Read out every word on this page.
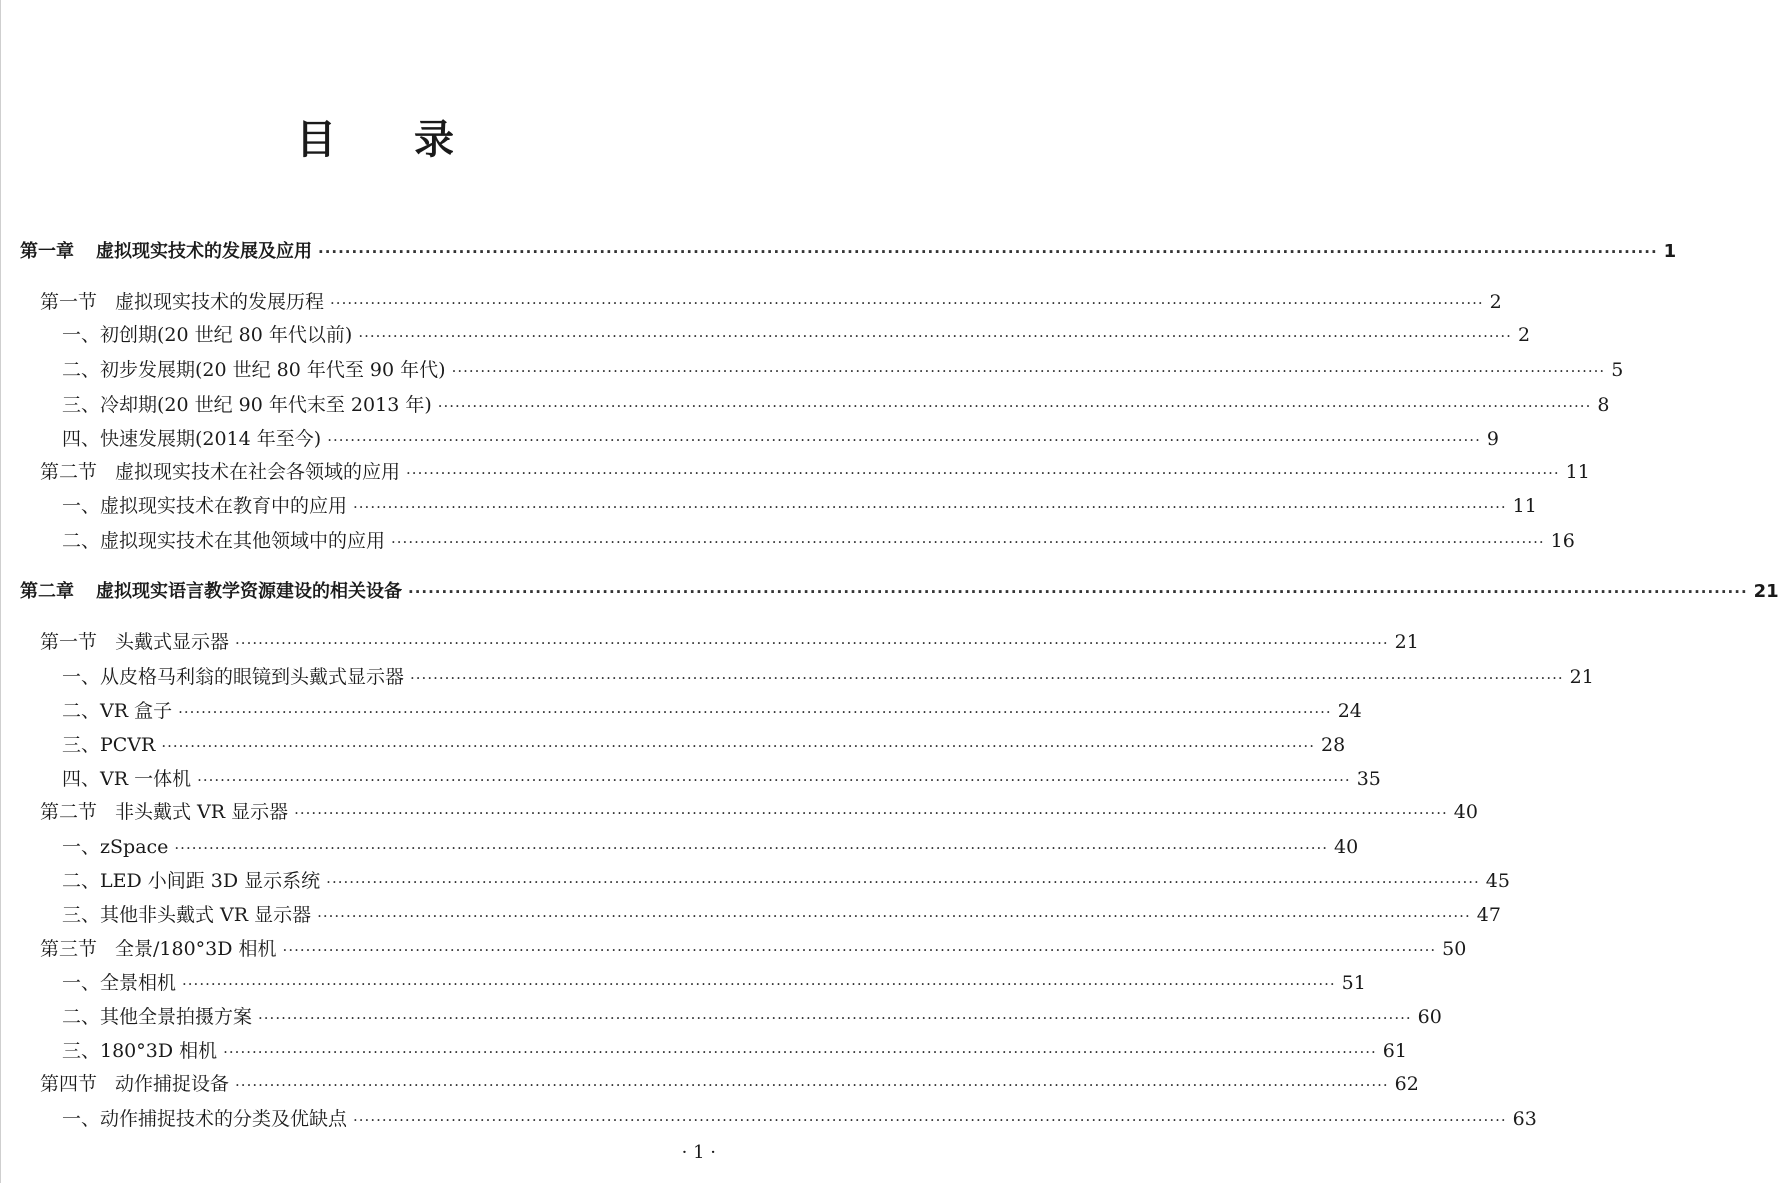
目录
第一章 虚拟现实技术的发展及应用 ········································································································································································································ 1
第一节 虚拟现实技术的发展历程 ········································································································································································································ 2
一、初创期(20 世纪 80 年代以前) ········································································································································································································ 2
二、初步发展期(20 世纪 80 年代至 90 年代) ········································································································································································································ 5
三、冷却期(20 世纪 90 年代末至 2013 年) ········································································································································································································ 8
四、快速发展期(2014 年至今) ········································································································································································································ 9
第二节 虚拟现实技术在社会各领域的应用 ········································································································································································································ 11
一、虚拟现实技术在教育中的应用 ········································································································································································································ 11
二、虚拟现实技术在其他领域中的应用 ········································································································································································································ 16
第二章 虚拟现实语言教学资源建设的相关设备 ········································································································································································································ 21
第一节 头戴式显示器 ········································································································································································································ 21
一、从皮格马利翁的眼镜到头戴式显示器 ········································································································································································································ 21
二、VR 盒子 ········································································································································································································ 24
三、PCVR ········································································································································································································ 28
四、VR 一体机 ········································································································································································································ 35
第二节 非头戴式 VR 显示器 ········································································································································································································ 40
一、zSpace ········································································································································································································ 40
二、LED 小间距 3D 显示系统 ········································································································································································································ 45
三、其他非头戴式 VR 显示器 ········································································································································································································ 47
第三节 全景/180°3D 相机 ········································································································································································································ 50
一、全景相机 ········································································································································································································ 51
二、其他全景拍摄方案 ········································································································································································································ 60
三、180°3D 相机 ········································································································································································································ 61
第四节 动作捕捉设备 ········································································································································································································ 62
一、动作捕捉技术的分类及优缺点 ········································································································································································································ 63
· 1 ·
